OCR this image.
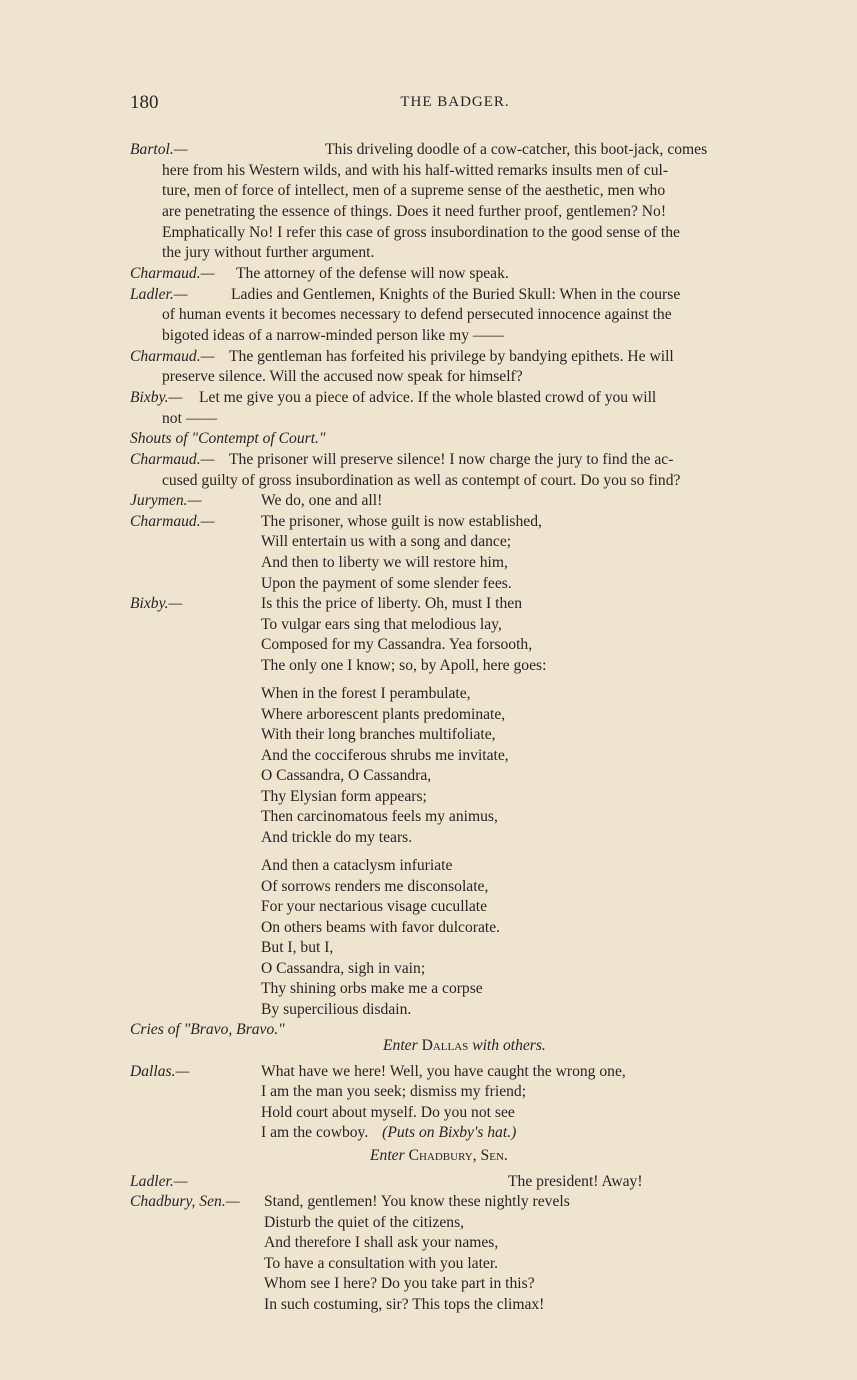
180	THE BADGER.
Bartol.—	This driveling doodle of a cow-catcher, this boot-jack, comes
here from his Western wilds, and with his half-witted remarks insults men of cul-
ture, men of force of intellect, men of a supreme sense of the aesthetic, men who
are penetrating the essence of things. Does it need further proof, gentlemen? No!
Emphatically No! I refer this case of gross insubordination to the good sense of the
the jury without further argument.
Charmaud.— The attorney of the defense will now speak.
Ladler.—	Ladies and Gentlemen, Knights of the Buried Skull: When in the course
of human events it becomes necessary to defend persecuted innocence against the
bigoted ideas of a narrow-minded person like my ——
Charmaud.— The gentleman has forfeited his privilege by bandying epithets. He will
preserve silence. Will the accused now speak for himself?
Bixby.— Let me give you a piece of advice. If the whole blasted crowd of you will
not ——
Shouts of "Contempt of Court."
Charmaud.— The prisoner will preserve silence! I now charge the jury to find the ac-
cused guilty of gross insubordination as well as contempt of court. Do you so find?
Jurymen.—	We do, one and all!
Charmaud.—	The prisoner, whose guilt is now established,
Will entertain us with a song and dance;
And then to liberty we will restore him,
Upon the payment of some slender fees.
Bixby.—	Is this the price of liberty. Oh, must I then
To vulgar ears sing that melodious lay,
Composed for my Cassandra. Yea forsooth,
The only one I know; so, by Apoll, here goes:
When in the forest I perambulate,
Where arborescent plants predominate,
With their long branches multifoliate,
And the cocciferous shrubs me invitate,
O Cassandra, O Cassandra,
Thy Elysian form appears;
Then carcinomatous feels my animus,
And trickle do my tears.
And then a cataclysm infuriate
Of sorrows renders me disconsolate,
For your nectarious visage cucullate
On others beams with favor dulcorate.
But I, but I,
O Cassandra, sigh in vain;
Thy shining orbs make me a corpse
By supercilious disdain.
Cries of "Bravo, Bravo."
Enter Dallas with others.
Dallas.—	What have we here! Well, you have caught the wrong one,
I am the man you seek; dismiss my friend;
Hold court about myself. Do you not see
I am the cowboy. (Puts on Bixby's hat.)
Enter Chadbury, Sen.
Ladler.—	The president! Away!
Chadbury, Sen.— Stand, gentlemen! You know these nightly revels
Disturb the quiet of the citizens,
And therefore I shall ask your names,
To have a consultation with you later.
Whom see I here? Do you take part in this?
In such costuming, sir? This tops the climax!
